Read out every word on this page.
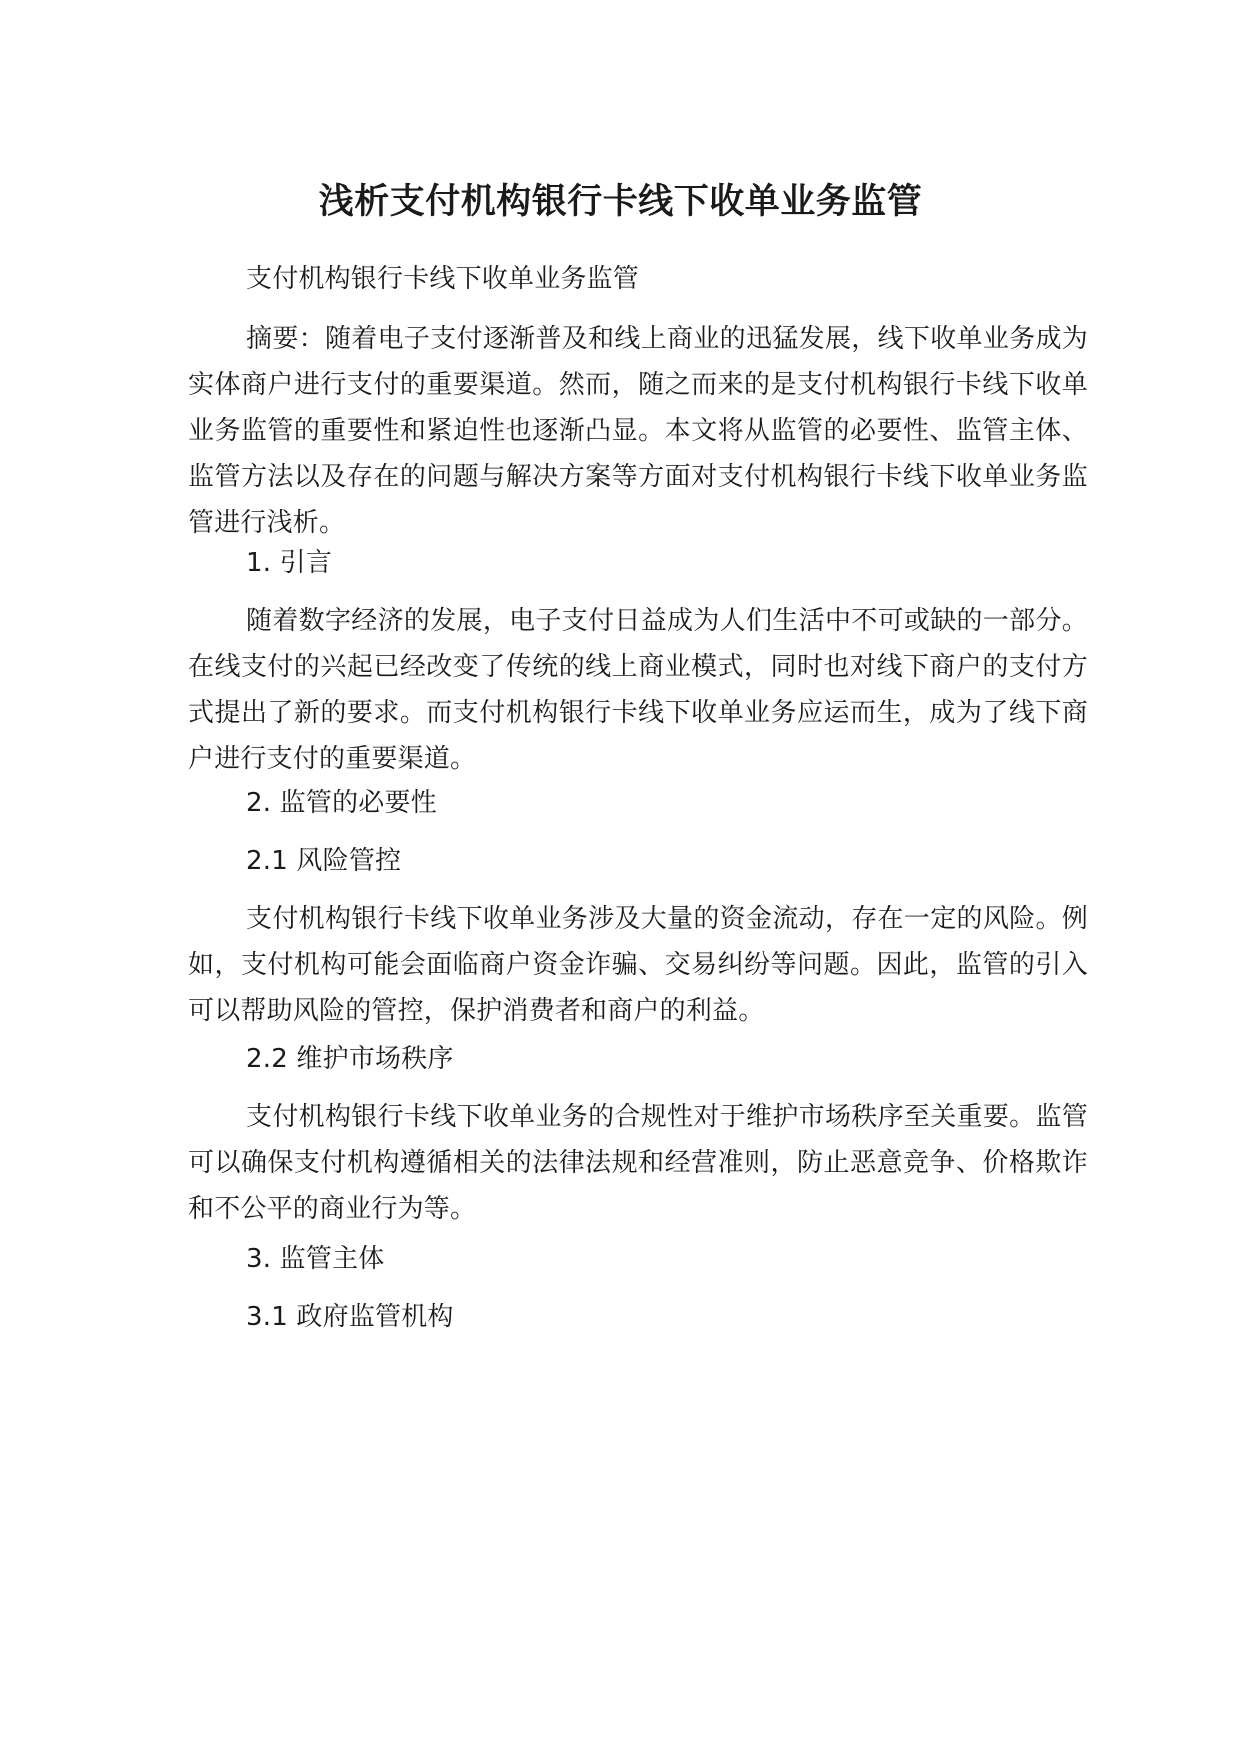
浅析支付机构银行卡线下收单业务监管
支付机构银行卡线下收单业务监管
摘要：随着电子支付逐渐普及和线上商业的迅猛发展，线下收单业务成为实体商户进行支付的重要渠道。然而，随之而来的是支付机构银行卡线下收单业务监管的重要性和紧迫性也逐渐凸显。本文将从监管的必要性、监管主体、监管方法以及存在的问题与解决方案等方面对支付机构银行卡线下收单业务监管进行浅析。
1. 引言
随着数字经济的发展，电子支付日益成为人们生活中不可或缺的一部分。在线支付的兴起已经改变了传统的线上商业模式，同时也对线下商户的支付方式提出了新的要求。而支付机构银行卡线下收单业务应运而生，成为了线下商户进行支付的重要渠道。
2. 监管的必要性
2.1 风险管控
支付机构银行卡线下收单业务涉及大量的资金流动，存在一定的风险。例如，支付机构可能会面临商户资金诈骗、交易纠纷等问题。因此，监管的引入可以帮助风险的管控，保护消费者和商户的利益。
2.2 维护市场秩序
支付机构银行卡线下收单业务的合规性对于维护市场秩序至关重要。监管可以确保支付机构遵循相关的法律法规和经营准则，防止恶意竞争、价格欺诈和不公平的商业行为等。
3. 监管主体
3.1 政府监管机构
